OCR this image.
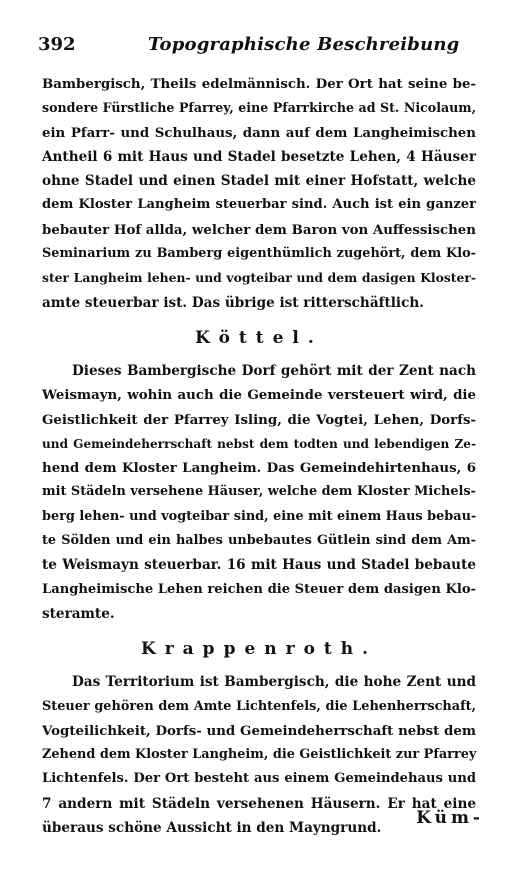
392	Topographische Beschreibung

Bambergisch, Theils edelmännisch. Der Ort hat seine be-
sondere Fürstliche Pfarrey, eine Pfarrkirche ad St. Nicolaum,
ein Pfarr- und Schulhaus, dann auf dem Langheimischen
Antheil 6 mit Haus und Stadel besetzte Lehen, 4 Häuser
ohne Stadel und einen Stadel mit einer Hofstatt, welche
dem Kloster Langheim steuerbar sind. Auch ist ein ganzer
bebauter Hof allda, welcher dem Baron von Auffessischen
Seminarium zu Bamberg eigenthümlich zugehört, dem Klo-
ster Langheim lehen- und vogteibar und dem dasigen Kloster-
amte steuerbar ist. Das übrige ist ritterschäftlich.

Köttel.

Dieses Bambergische Dorf gehört mit der Zent nach
Weismayn, wohin auch die Gemeinde versteuert wird, die
Geistlichkeit der Pfarrey Isling, die Vogtei, Lehen, Dorfs-
und Gemeindeherrschaft nebst dem todten und lebendigen Ze-
hend dem Kloster Langheim. Das Gemeindehirtenhaus, 6
mit Städeln versehene Häuser, welche dem Kloster Michels-
berg lehen- und vogteibar sind, eine mit einem Haus bebau-
te Sölden und ein halbes unbebautes Gütlein sind dem Am-
te Weismayn steuerbar. 16 mit Haus und Stadel bebaute
Langheimische Lehen reichen die Steuer dem dasigen Klo-
steramte.

Krappenroth.

Das Territorium ist Bambergisch, die hohe Zent und
Steuer gehören dem Amte Lichtenfels, die Lehenherrschaft,
Vogteilichkeit, Dorfs- und Gemeindeherrschaft nebst dem
Zehend dem Kloster Langheim, die Geistlichkeit zur Pfarrey
Lichtenfels. Der Ort besteht aus einem Gemeindehaus und
7 andern mit Städeln versehenen Häusern. Er hat eine
überaus schöne Aussicht in den Mayngrund.

Küm-
